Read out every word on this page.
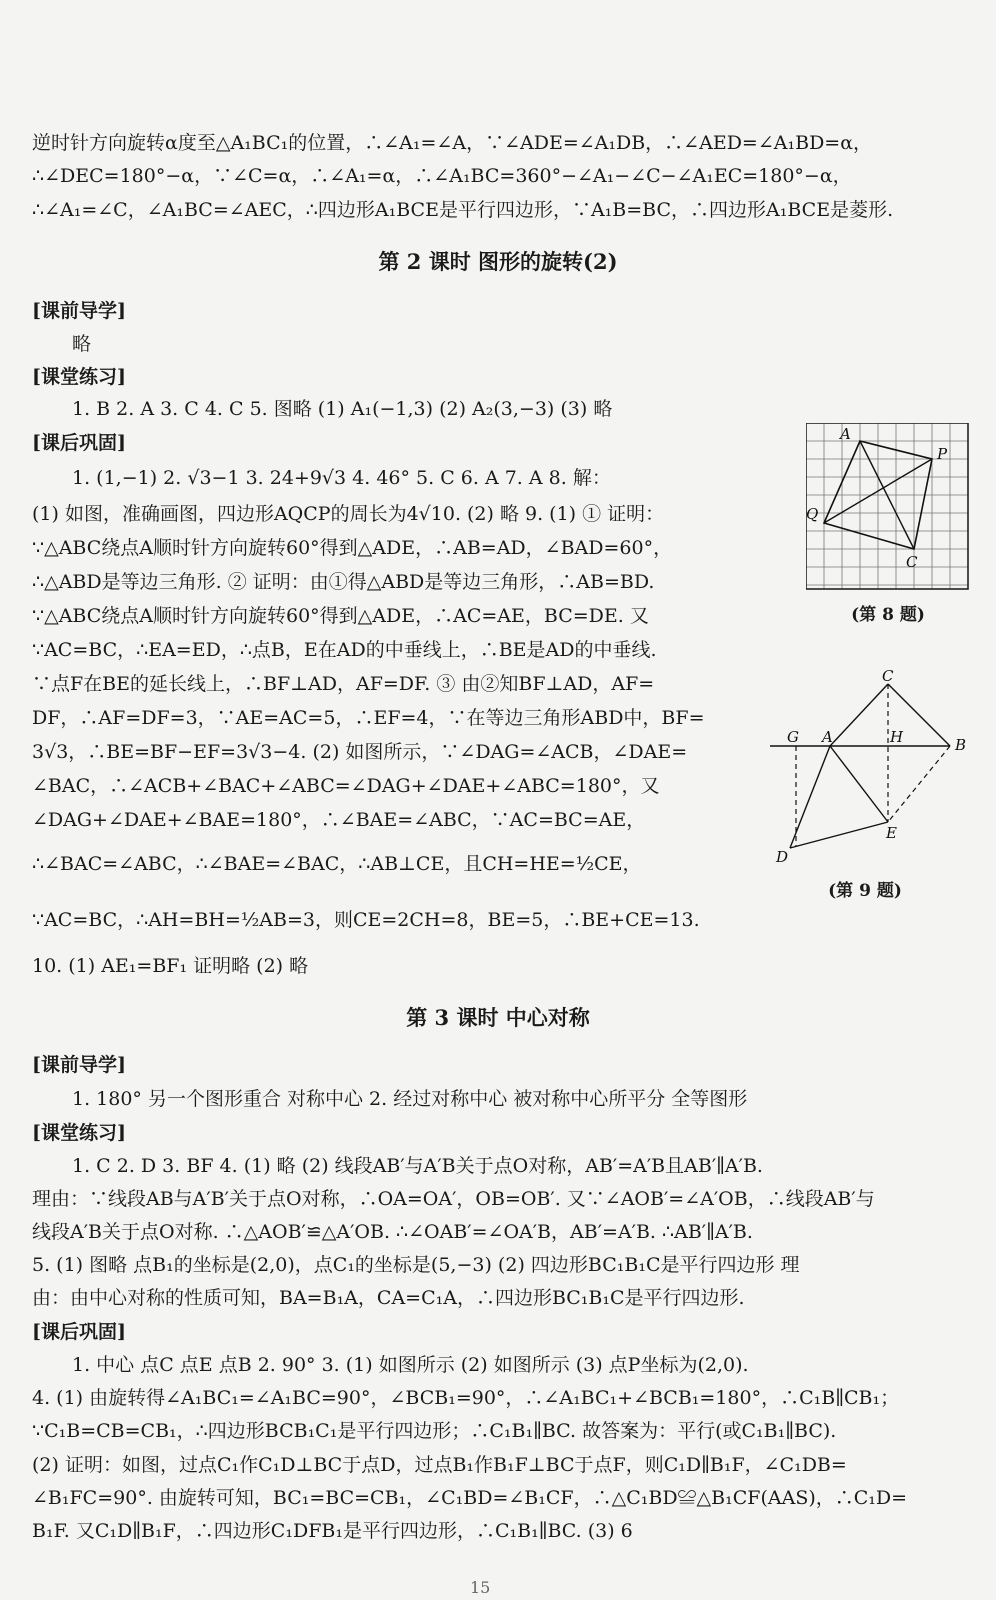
逆时针方向旋转α度至△A₁BC₁的位置，∴∠A₁=∠A，∵∠ADE=∠A₁DB，∴∠AED=∠A₁BD=α，
∴∠DEC=180°−α，∵∠C=α，∴∠A₁=α，∴∠A₁BC=360°−∠A₁−∠C−∠A₁EC=180°−α，
∴∠A₁=∠C，∠A₁BC=∠AEC，∴四边形A₁BCE是平行四边形，∵A₁B=BC，∴四边形A₁BCE是菱形.
第 2 课时 图形的旋转(2)
[课前导学]
略
[课堂练习]
1. B 2. A 3. C 4. C 5. 图略 (1) A₁(−1,3) (2) A₂(3,−3) (3) 略
[课后巩固]
1. (1,−1) 2. √3−1 3. 24+9√3 4. 46° 5. C 6. A 7. A 8. 解：
(1) 如图，准确画图，四边形AQCP的周长为4√10. (2) 略 9. (1) ① 证明：
∵△ABC绕点A顺时针方向旋转60°得到△ADE，∴AB=AD，∠BAD=60°，
∴△ABD是等边三角形. ② 证明：由①得△ABD是等边三角形，∴AB=BD.
∵△ABC绕点A顺时针方向旋转60°得到△ADE，∴AC=AE，BC=DE. 又
∵AC=BC，∴EA=ED，∴点B，E在AD的中垂线上，∴BE是AD的中垂线.
∵点F在BE的延长线上，∴BF⊥AD，AF=DF. ③ 由②知BF⊥AD，AF=
DF，∴AF=DF=3，∵AE=AC=5，∴EF=4，∵在等边三角形ABD中，BF=
3√3，∴BE=BF−EF=3√3−4. (2) 如图所示，∵∠DAG=∠ACB，∠DAE=
∠BAC，∴∠ACB+∠BAC+∠ABC=∠DAG+∠DAE+∠ABC=180°，又
∠DAG+∠DAE+∠BAE=180°，∴∠BAE=∠ABC，∵AC=BC=AE，
∴∠BAC=∠ABC，∴∠BAE=∠BAC，∴AB⊥CE，且CH=HE=½CE，
∵AC=BC，∴AH=BH=½AB=3，则CE=2CH=8，BE=5，∴BE+CE=13.
10. (1) AE₁=BF₁ 证明略 (2) 略
A
P
Q
C
(第 8 题)
C
G A	H	B
E
D
(第 9 题)
第 3 课时 中心对称
[课前导学]
1. 180° 另一个图形重合 对称中心 2. 经过对称中心 被对称中心所平分 全等图形
[课堂练习]
1. C 2. D 3. BF 4. (1) 略 (2) 线段AB′与A′B关于点O对称，AB′=A′B且AB′∥A′B.
理由：∵线段AB与A′B′关于点O对称，∴OA=OA′，OB=OB′. 又∵∠AOB′=∠A′OB，∴线段AB′与
线段A′B关于点O对称. ∴△AOB′≌△A′OB. ∴∠OAB′=∠OA′B，AB′=A′B. ∴AB′∥A′B.
5. (1) 图略 点B₁的坐标是(2,0)，点C₁的坐标是(5,−3) (2) 四边形BC₁B₁C是平行四边形 理
由：由中心对称的性质可知，BA=B₁A，CA=C₁A，∴四边形BC₁B₁C是平行四边形.
[课后巩固]
1. 中心 点C 点E 点B 2. 90° 3. (1) 如图所示 (2) 如图所示 (3) 点P坐标为(2,0).
4. (1) 由旋转得∠A₁BC₁=∠A₁BC=90°，∠BCB₁=90°，∴∠A₁BC₁+∠BCB₁=180°，∴C₁B∥CB₁；
∵C₁B=CB=CB₁，∴四边形BCB₁C₁是平行四边形；∴C₁B₁∥BC. 故答案为：平行(或C₁B₁∥BC).
(2) 证明：如图，过点C₁作C₁D⊥BC于点D，过点B₁作B₁F⊥BC于点F，则C₁D∥B₁F，∠C₁DB=
∠B₁FC=90°. 由旋转可知，BC₁=BC=CB₁，∠C₁BD=∠B₁CF，∴△C₁BD≌△B₁CF(AAS)，∴C₁D=
B₁F. 又C₁D∥B₁F，∴四边形C₁DFB₁是平行四边形，∴C₁B₁∥BC. (3) 6
15
